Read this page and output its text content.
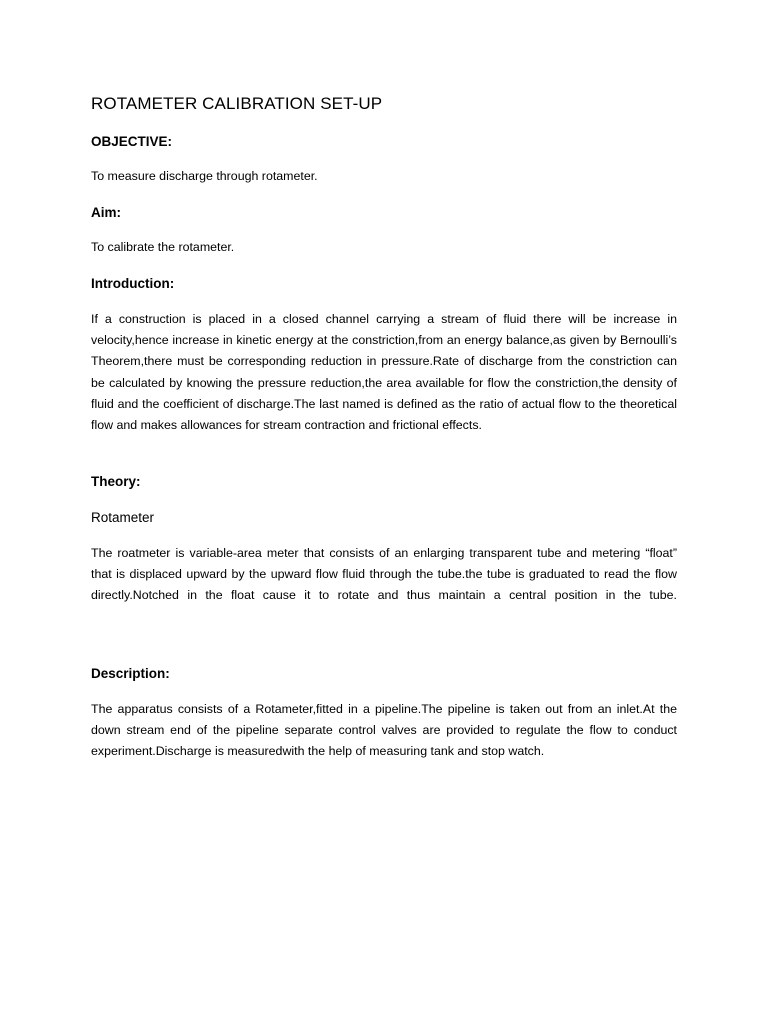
ROTAMETER CALIBRATION SET-UP
OBJECTIVE:
To measure discharge through rotameter.
Aim:
To calibrate the rotameter.
Introduction:
If a construction is placed in a closed channel carrying a stream of fluid there will be increase in velocity,hence increase in kinetic energy at the constriction,from an energy balance,as given by Bernoulli’s Theorem,there must be corresponding reduction in pressure.Rate of discharge from the constriction can be calculated by knowing the pressure reduction,the area available for flow the constriction,the density of fluid and the coefficient of discharge.The last named is defined as the ratio of actual flow to the theoretical flow and makes allowances for stream contraction and frictional effects.
Theory:
Rotameter
The roatmeter is variable-area meter that consists of an enlarging transparent tube and metering “float” that is displaced upward by the upward flow fluid through the tube.the tube is graduated to read the flow directly.Notched in the float cause it to rotate and thus maintain a central position in the tube.
Description:
The apparatus consists of a Rotameter,fitted in a pipeline.The pipeline is taken out from an inlet.At the down stream end of the pipeline separate control valves are provided to regulate the flow to conduct experiment.Discharge is measuredwith the help of measuring tank and stop watch.
